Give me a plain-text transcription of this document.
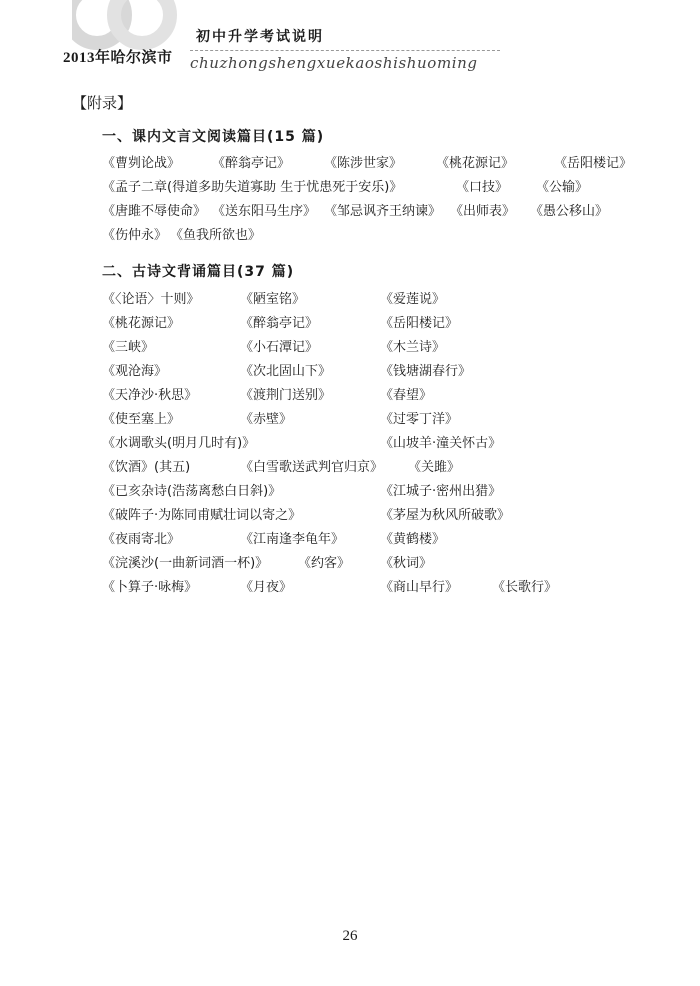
2013年哈尔滨市
初中升学考试说明
chuzhongshengxuekaoshishuoming
【附录】
一、课内文言文阅读篇目(15 篇)
《曹刿论战》 《醉翁亭记》	《陈涉世家》	《桃花源记》	《岳阳楼记》
《孟子二章(得道多助失道寡助 生于忧患死于安乐)》	《口技》 《公输》
《唐雎不辱使命》 《送东阳马生序》 《邹忌讽齐王纳谏》 《出师表》 《愚公移山》
《伤仲永》 《鱼我所欲也》
二、古诗文背诵篇目(37 篇)
《〈论语〉十则》	《陋室铭》	《爱莲说》
《桃花源记》	《醉翁亭记》	《岳阳楼记》
《三峡》	《小石潭记》	《木兰诗》
《观沧海》	《次北固山下》	《钱塘湖春行》
《天净沙·秋思》	《渡荆门送别》	《春望》
《使至塞上》	《赤壁》	《过零丁洋》
《水调歌头(明月几时有)》	《山坡羊·潼关怀古》
《饮酒》(其五)	《白雪歌送武判官归京》 《关雎》
《已亥杂诗(浩荡离愁白日斜)》	《江城子·密州出猎》
《破阵子·为陈同甫赋壮词以寄之》	《茅屋为秋风所破歌》
《夜雨寄北》	《江南逢李龟年》	《黄鹤楼》
《浣溪沙(一曲新词酒一杯)》 《约客》 《秋词》
《卜算子·咏梅》	《月夜》	《商山早行》	《长歌行》
26
